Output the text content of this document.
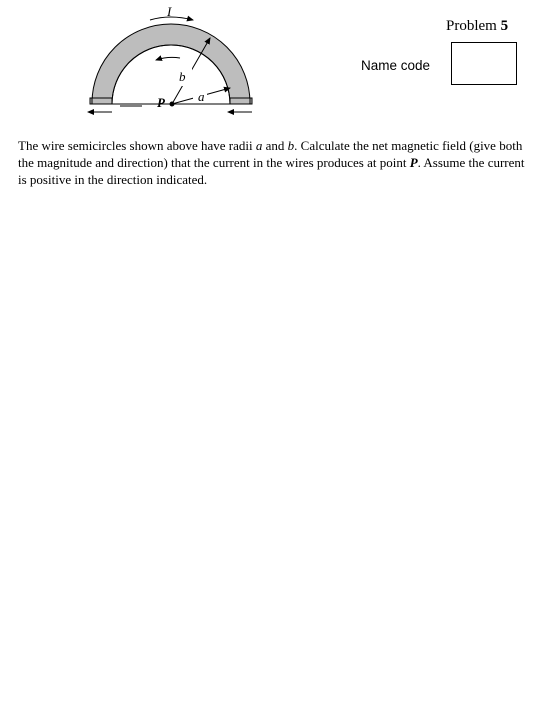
I
b
a
P
Problem 5
Name code
The wire semicircles shown above have radii a and b. Calculate the net magnetic field (give both the magnitude and direction) that the current in the wires produces at point P. Assume the current is positive in the direction indicated.
